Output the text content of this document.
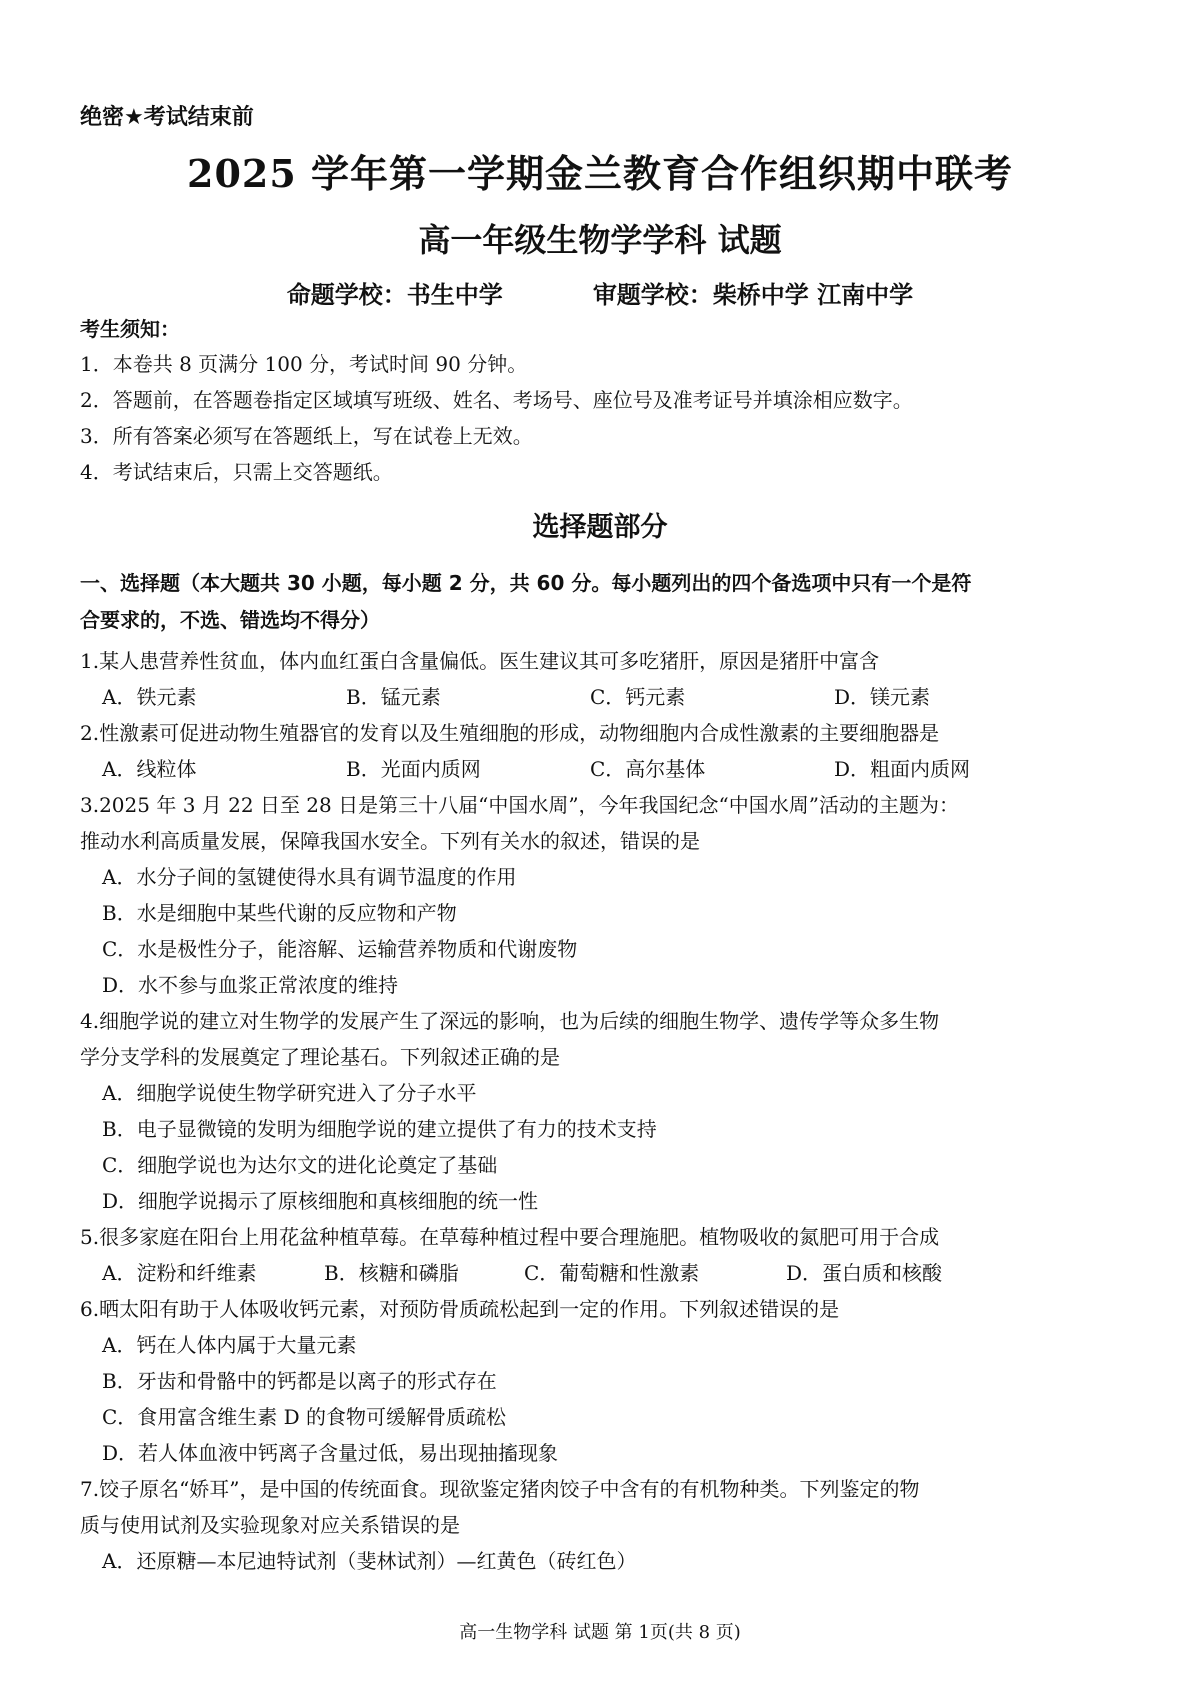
绝密★考试结束前
2025 学年第一学期金兰教育合作组织期中联考
高一年级生物学学科 试题
命题学校：书生中学	审题学校：柴桥中学 江南中学
考生须知：
1．本卷共 8 页满分 100 分，考试时间 90 分钟。
2．答题前，在答题卷指定区域填写班级、姓名、考场号、座位号及准考证号并填涂相应数字。
3．所有答案必须写在答题纸上，写在试卷上无效。
4．考试结束后，只需上交答题纸。
选择题部分
一、选择题（本大题共 30 小题，每小题 2 分，共 60 分。每小题列出的四个备选项中只有一个是符
合要求的，不选、错选均不得分）
1.某人患营养性贫血，体内血红蛋白含量偏低。医生建议其可多吃猪肝，原因是猪肝中富含
A．铁元素	B．锰元素	C．钙元素	D．镁元素
2.性激素可促进动物生殖器官的发育以及生殖细胞的形成，动物细胞内合成性激素的主要细胞器是
A．线粒体	B．光面内质网	C．高尔基体	D．粗面内质网
3.2025 年 3 月 22 日至 28 日是第三十八届“中国水周”，今年我国纪念“中国水周”活动的主题为：
推动水利高质量发展，保障我国水安全。下列有关水的叙述，错误的是
A．水分子间的氢键使得水具有调节温度的作用
B．水是细胞中某些代谢的反应物和产物
C．水是极性分子，能溶解、运输营养物质和代谢废物
D．水不参与血浆正常浓度的维持
4.细胞学说的建立对生物学的发展产生了深远的影响，也为后续的细胞生物学、遗传学等众多生物
学分支学科的发展奠定了理论基石。下列叙述正确的是
A．细胞学说使生物学研究进入了分子水平
B．电子显微镜的发明为细胞学说的建立提供了有力的技术支持
C．细胞学说也为达尔文的进化论奠定了基础
D．细胞学说揭示了原核细胞和真核细胞的统一性
5.很多家庭在阳台上用花盆种植草莓。在草莓种植过程中要合理施肥。植物吸收的氮肥可用于合成
A．淀粉和纤维素	B．核糖和磷脂	C．葡萄糖和性激素	D．蛋白质和核酸
6.晒太阳有助于人体吸收钙元素，对预防骨质疏松起到一定的作用。下列叙述错误的是
A．钙在人体内属于大量元素
B．牙齿和骨骼中的钙都是以离子的形式存在
C．食用富含维生素 D 的食物可缓解骨质疏松
D．若人体血液中钙离子含量过低，易出现抽搐现象
7.饺子原名“娇耳”，是中国的传统面食。现欲鉴定猪肉饺子中含有的有机物种类。下列鉴定的物
质与使用试剂及实验现象对应关系错误的是
A．还原糖—本尼迪特试剂（斐林试剂）—红黄色（砖红色）
高一生物学科 试题 第 1页(共 8 页)
